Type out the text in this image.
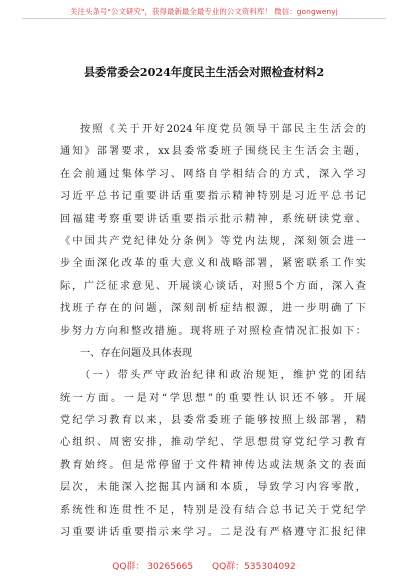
关注头条号"公文研究"，获得最新最全最专业的公文资料库！ 微信：gongwenyj
县委常委会2024年度民主生活会对照检查材料2
按照《关于开好2024年度党员领导干部民主生活会的
通知》部署要求，xx县委常委班子围绕民主生活会主题，
在会前通过集体学习、网络自学相结合的方式，深入学习
习近平总书记重要讲话重要指示精神特别是习近平总书记
回福建考察重要讲话重要指示批示精神，系统研读党章、
《中国共产党纪律处分条例》等党内法规，深刻领会进一
步全面深化改革的重大意义和战略部署，紧密联系工作实
际，广泛征求意见、开展谈心谈话，对照5个方面，深入查
找班子存在的问题，深刻剖析症结根源，进一步明确了下
步努力方向和整改措施。现将班子对照检查情况汇报如下：
一、存在问题及具体表现
（一）带头严守政治纪律和政治规矩，维护党的团结
统一方面。一是对“学思想”的重要性认识还不够。开展
党纪学习教育以来，县委常委班子能够按照上级部署，精
心组织、周密安排，推动学纪、学思想贯穿党纪学习教育
教育始终。但是常停留于文件精神传达或法规条文的表面
层次，未能深入挖掘其内涵和本质，导致学习内容零散，
系统性和连贯性不足，特别是没有结合总书记关于党纪学
习重要讲话重要指示来学习。二是没有严格遵守汇报纪律
QQ群： 30265665 QQ群：535304092
